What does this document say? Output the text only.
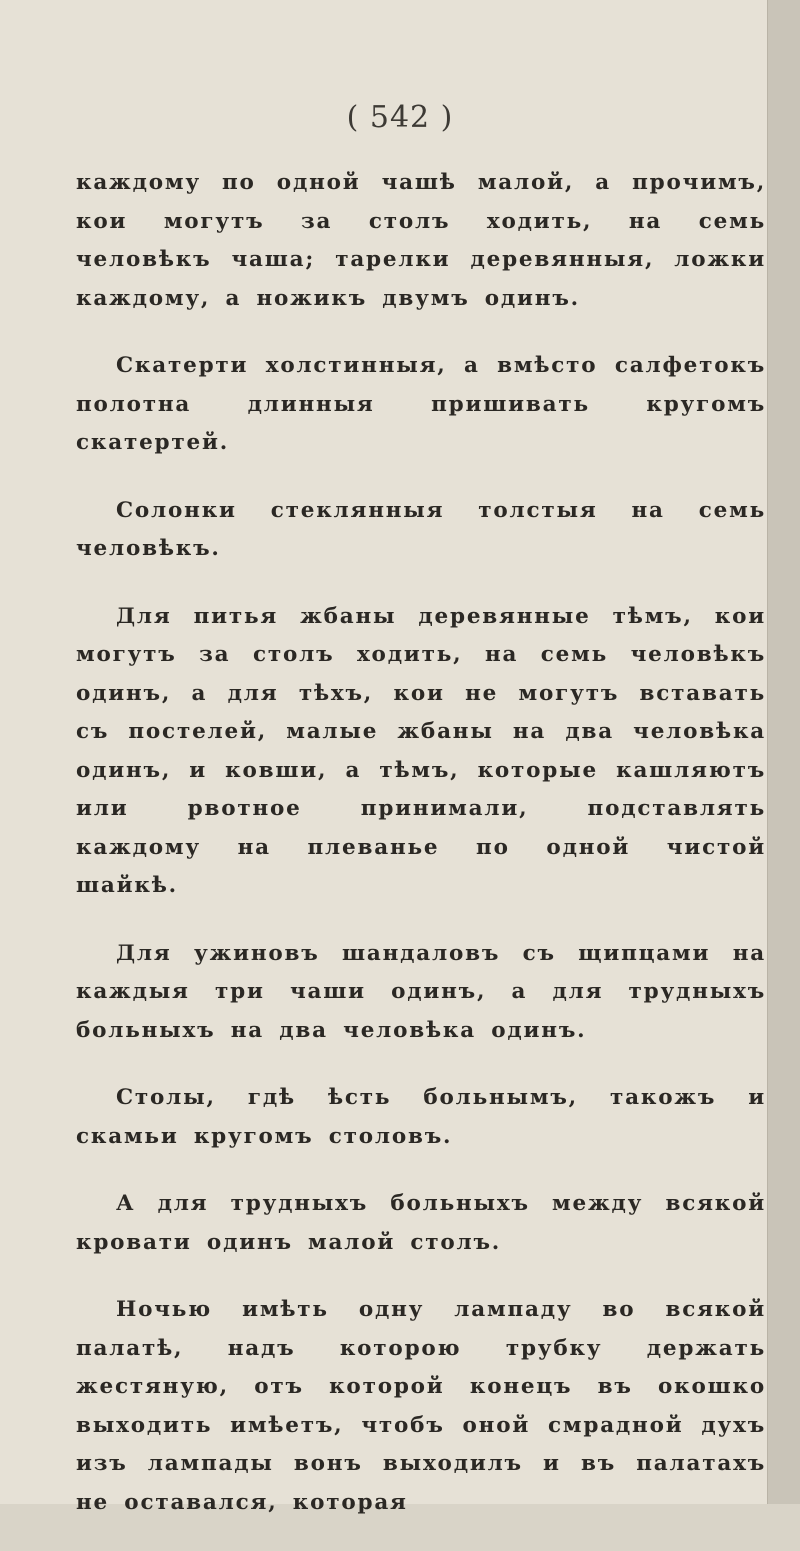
( 542 )

каждому по одной чашѣ малой, а прочимъ, кои могутъ за столъ ходить, на семь человѣкъ чаша; тарелки деревянныя, ложки каждому, а ножикъ двумъ одинъ.

Скатерти холстинныя, а вмѣсто салфетокъ полотна длинныя пришивать кругомъ скатертей.

Солонки стеклянныя толстыя на семь человѣкъ.

Для питья жбаны деревянные тѣмъ, кои могутъ за столъ ходить, на семь человѣкъ одинъ, а для тѣхъ, кои не могутъ вставать съ постелей, малые жбаны на два человѣка одинъ, и ковши, а тѣмъ, которые кашляютъ или рвотное принимали, подставлять каждому на плеванье по одной чистой шайкѣ.

Для ужиновъ шандаловъ съ щипцами на каждыя три чаши одинъ, а для трудныхъ больныхъ на два человѣка одинъ.

Столы, гдѣ ѣсть больнымъ, такожъ и скамьи кругомъ столовъ.

А для трудныхъ больныхъ между всякой кровати одинъ малой столъ.

Ночью имѣть одну лампаду во всякой палатѣ, надъ которою трубку держать жестяную, отъ которой конецъ въ окошко выходить имѣетъ, чтобъ оной смрадной духъ изъ лампады вонъ выходилъ и въ палатахъ не оставался, которая
